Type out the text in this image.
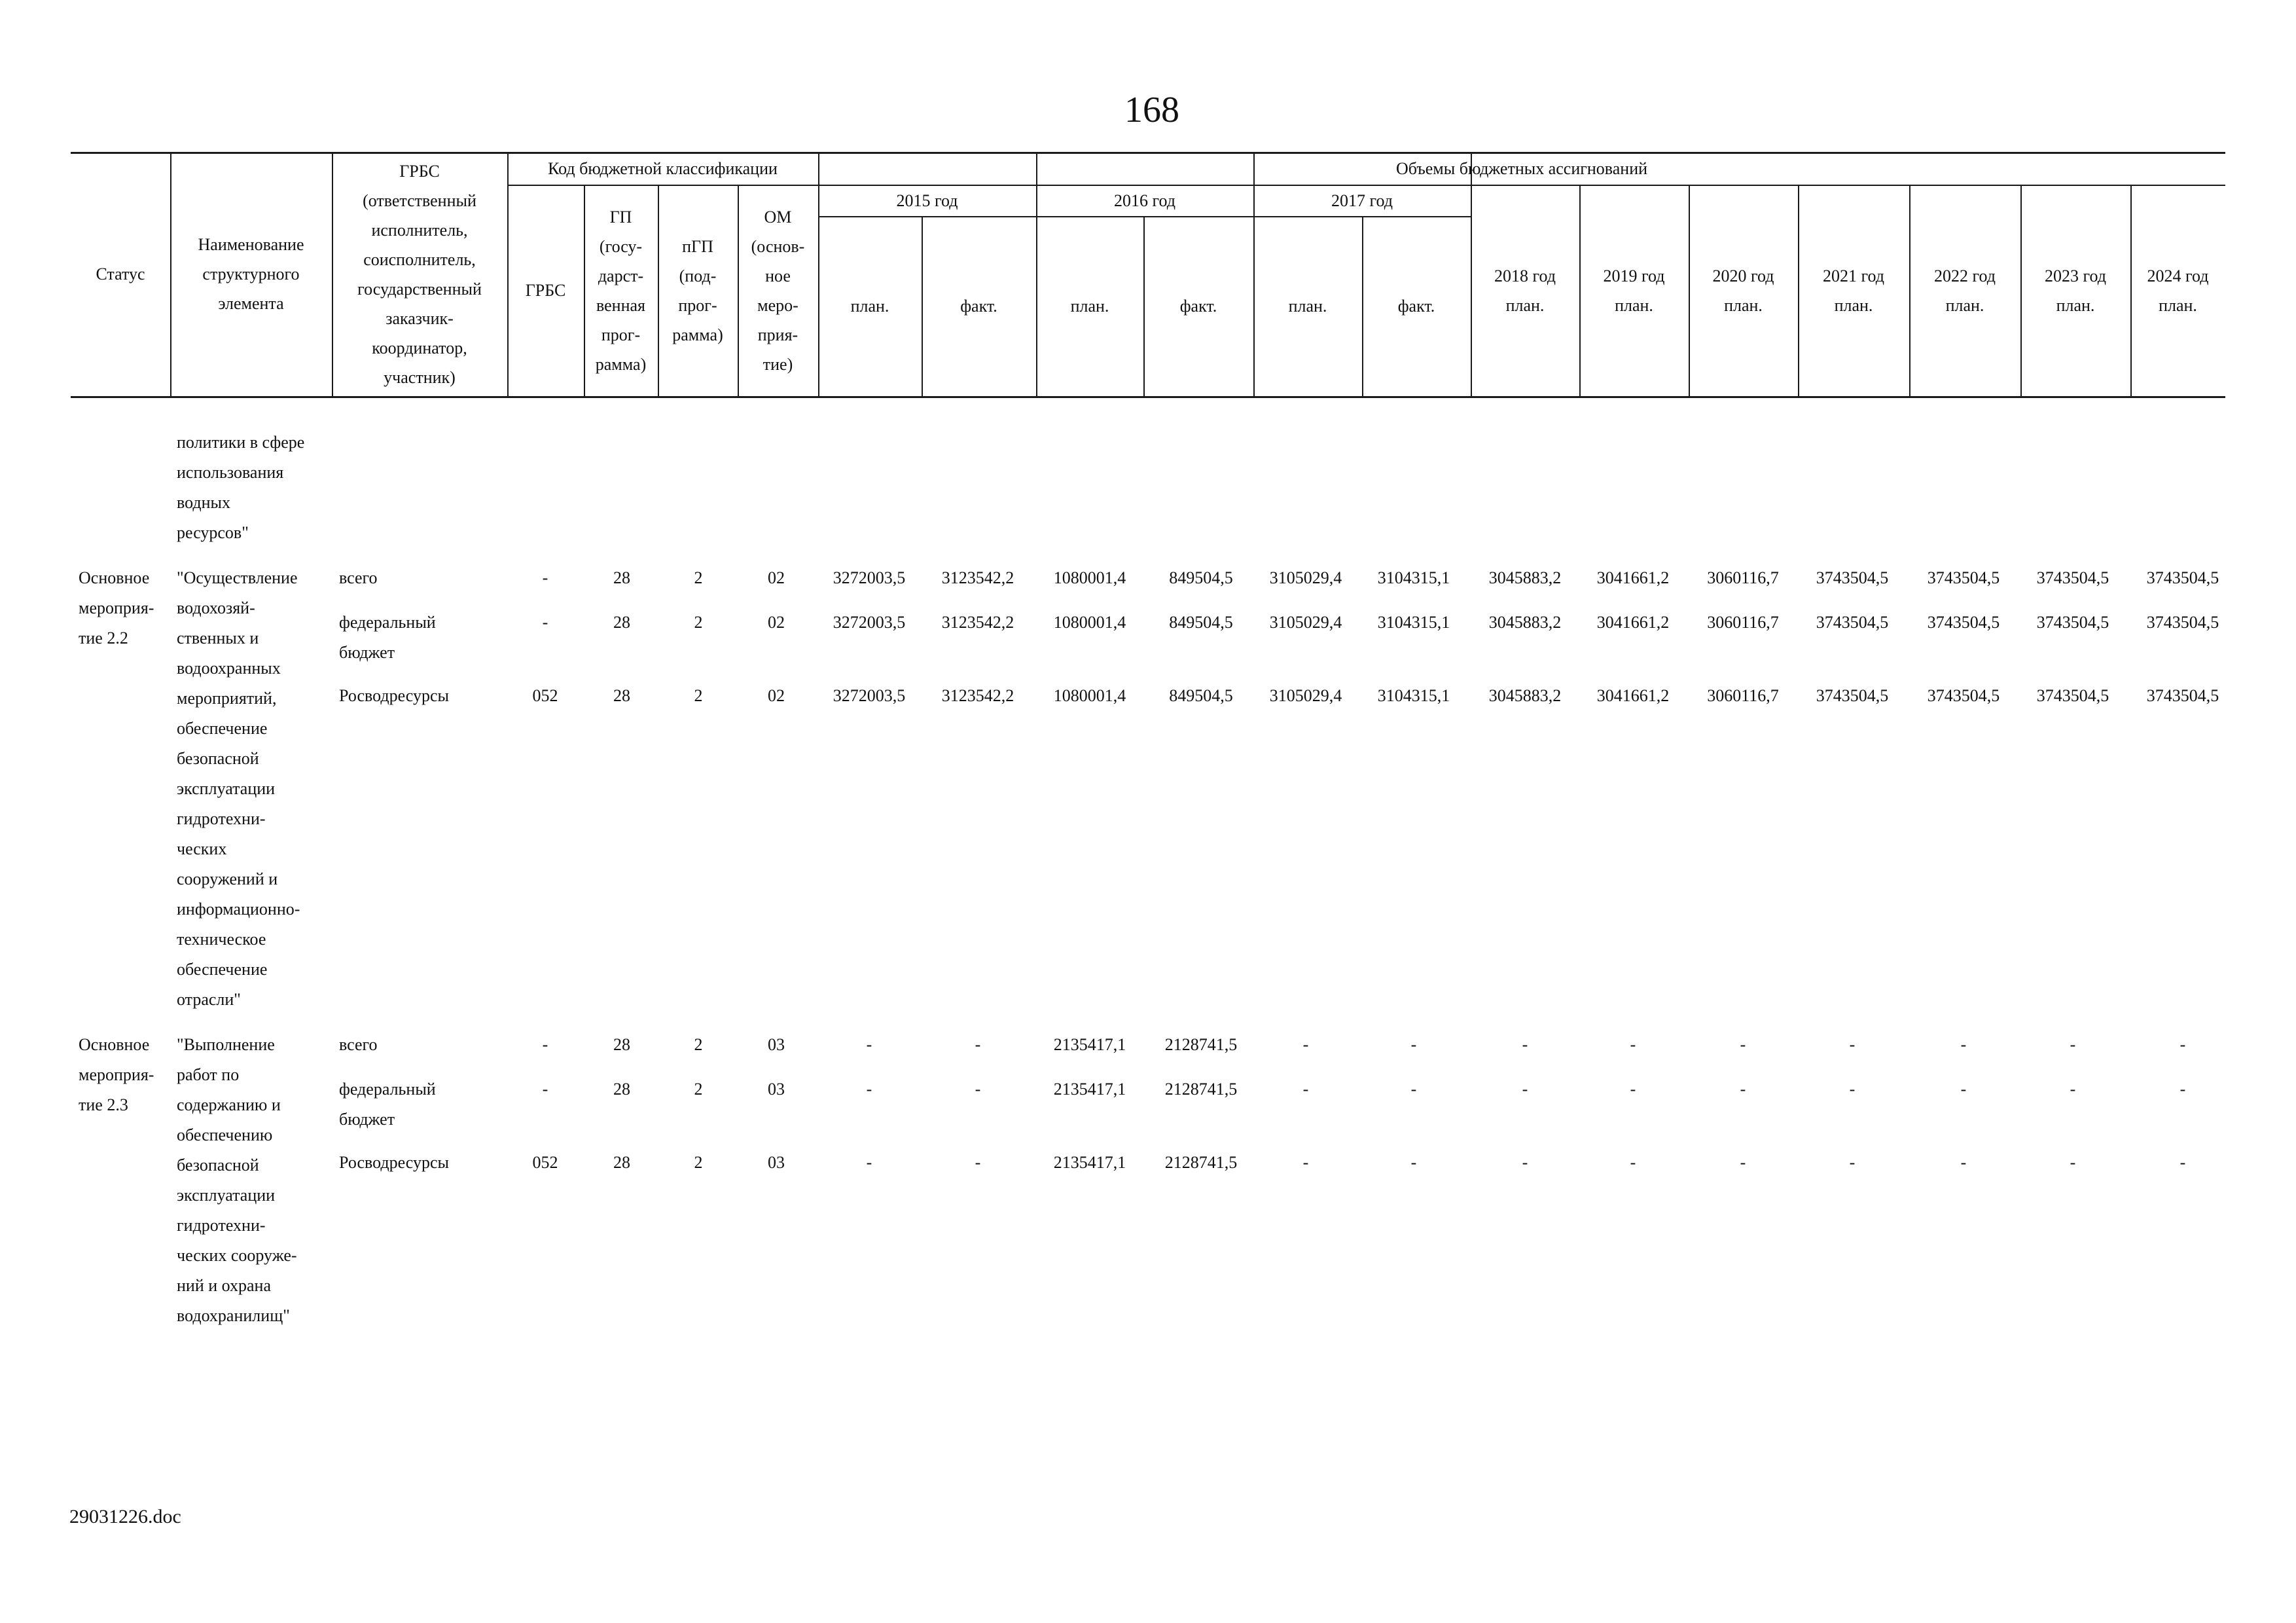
168
Статус
Наименование
структурного
элемента
ГРБС
(ответственный
исполнитель,
соисполнитель,
государственный
заказчик-
координатор,
участник)
Код бюджетной классификации
ГРБС
ГП
(госу-
дарст-
венная
прог-
рамма)
пГП
(под-
прог-
рамма)
ОМ
(основ-
ное
меро-
прия-
тие)
Объемы бюджетных ассигнований
2015 год	2016 год	2017 год
план.	факт.	план.	факт.	план.	факт.
2018 год
план.
2019 год
план.
2020 год
план.
2021 год
план.
2022 год
план.
2023 год
план.
2024 год
план.
политики в сфере
использования
водных
ресурсов"
Основное
мероприя-
тие 2.2
"Осуществление
водохозяй-
ственных и
водоохранных
мероприятий,
обеспечение
безопасной
эксплуатации
гидротехни-
ческих
сооружений и
информационно-
техническое
обеспечение
отрасли"
всего	-	28	2	02	3272003,5	3123542,2	1080001,4	849504,5	3105029,4	3104315,1	3045883,2	3041661,2	3060116,7	3743504,5	3743504,5	3743504,5	3743504,5
федеральный
бюджет
-	28	2	02	3272003,5	3123542,2	1080001,4	849504,5	3105029,4	3104315,1	3045883,2	3041661,2	3060116,7	3743504,5	3743504,5	3743504,5	3743504,5
Росводресурсы	052	28	2	02	3272003,5	3123542,2	1080001,4	849504,5	3105029,4	3104315,1	3045883,2	3041661,2	3060116,7	3743504,5	3743504,5	3743504,5	3743504,5
Основное
мероприя-
тие 2.3
"Выполнение
работ по
содержанию и
обеспечению
безопасной
эксплуатации
гидротехни-
ческих сооруже-
ний и охрана
водохранилищ"
всего	-	28	2	03	-	-	2135417,1	2128741,5	-	-	-	-	-	-	-	-	-
федеральный
бюджет
-	28	2	03	-	-	2135417,1	2128741,5	-	-	-	-	-	-	-	-	-
Росводресурсы	052	28	2	03	-	-	2135417,1	2128741,5	-	-	-	-	-	-	-	-	-
29031226.doc
